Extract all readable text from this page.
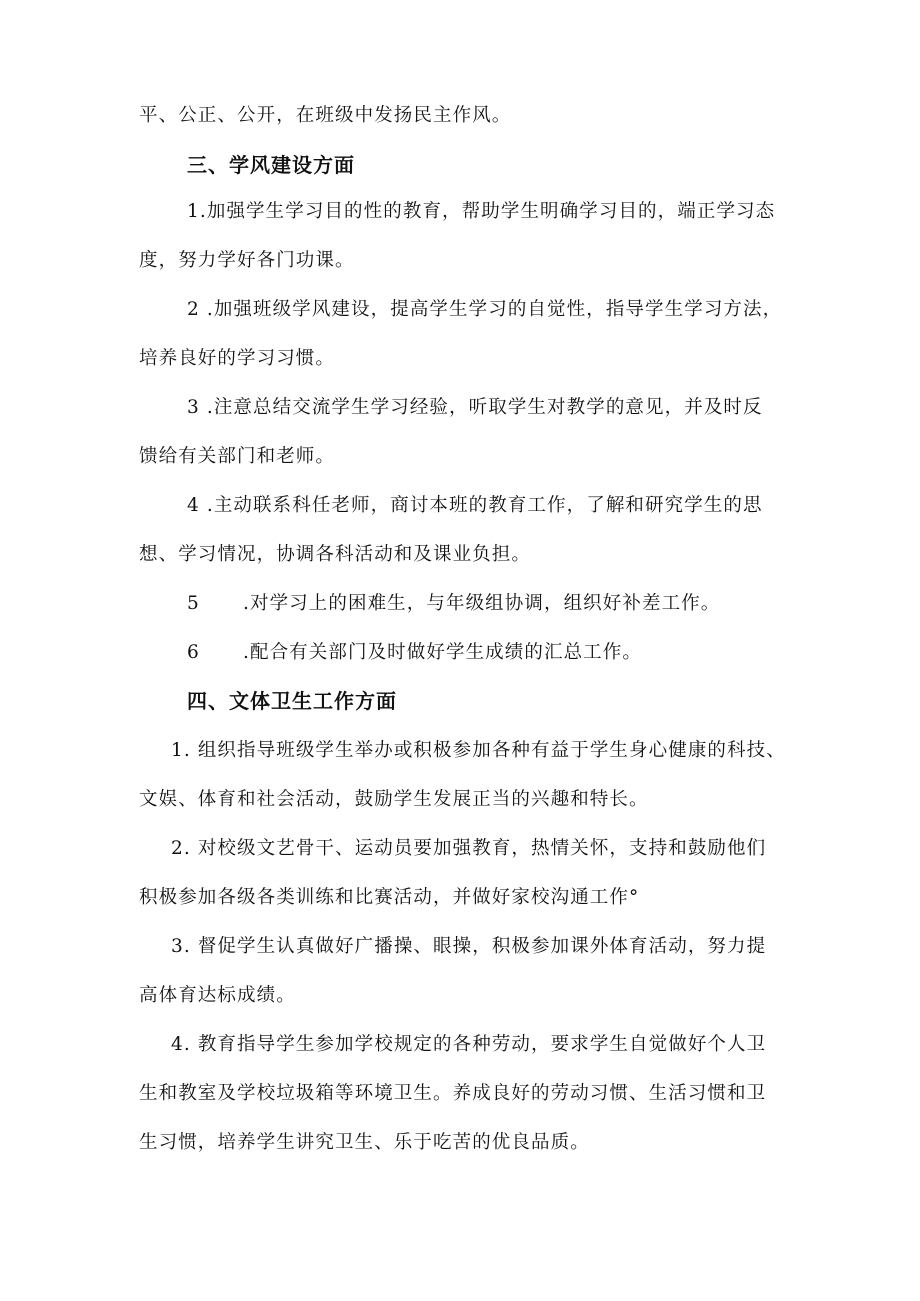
平、公正、公开，在班级中发扬民主作风。
三、学风建设方面
1.加强学生学习目的性的教育，帮助学生明确学习目的，端正学习态
度，努力学好各门功课。
2 .加强班级学风建设，提高学生学习的自觉性，指导学生学习方法，
培养良好的学习习惯。
3 .注意总结交流学生学习经验，听取学生对教学的意见，并及时反
馈给有关部门和老师。
4 .主动联系科任老师，商讨本班的教育工作，了解和研究学生的思
想、学习情况，协调各科活动和及课业负担。
5 .对学习上的困难生，与年级组协调，组织好补差工作。
6 .配合有关部门及时做好学生成绩的汇总工作。
四、文体卫生工作方面
1. 组织指导班级学生举办或积极参加各种有益于学生身心健康的科技、
文娱、体育和社会活动，鼓励学生发展正当的兴趣和特长。
2. 对校级文艺骨干、运动员要加强教育，热情关怀，支持和鼓励他们
积极参加各级各类训练和比赛活动，并做好家校沟通工作°
3. 督促学生认真做好广播操、眼操，积极参加课外体育活动，努力提
高体育达标成绩。
4. 教育指导学生参加学校规定的各种劳动，要求学生自觉做好个人卫
生和教室及学校垃圾箱等环境卫生。养成良好的劳动习惯、生活习惯和卫
生习惯，培养学生讲究卫生、乐于吃苦的优良品质。
